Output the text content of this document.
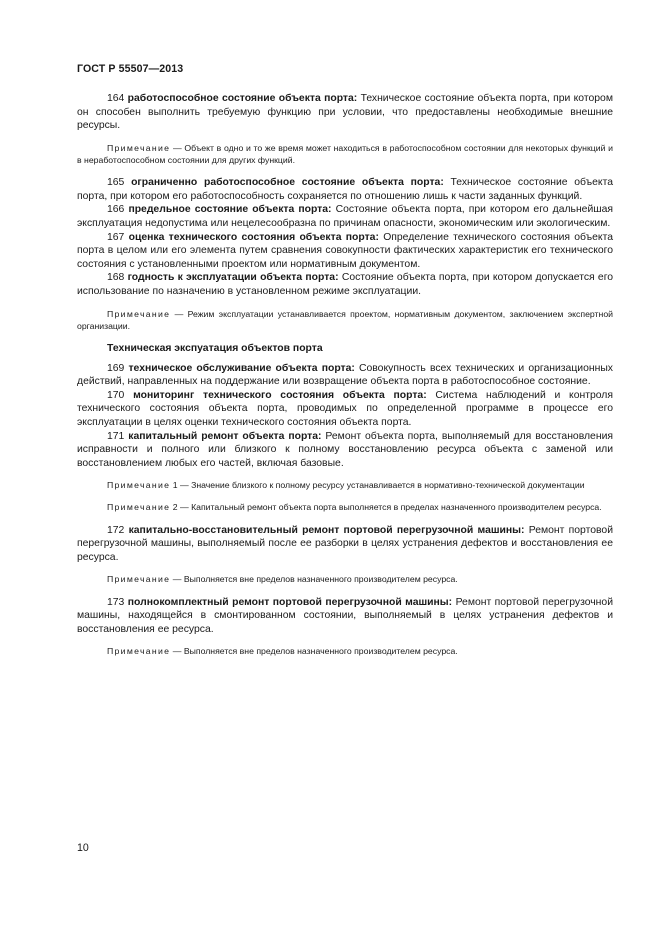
ГОСТ Р 55507—2013

164 работоспособное состояние объекта порта: Техническое состояние объекта порта, при котором он способен выполнить требуемую функцию при условии, что предоставлены необходимые внешние ресурсы.

Примечание — Объект в одно и то же время может находиться в работоспособном состоянии для некоторых функций и в неработоспособном состоянии для других функций.

165 ограниченно работоспособное состояние объекта порта: Техническое состояние объекта порта, при котором его работоспособность сохраняется по отношению лишь к части заданных функций.

166 предельное состояние объекта порта: Состояние объекта порта, при котором его дальнейшая эксплуатация недопустима или нецелесообразна по причинам опасности, экономическим или экологическим.

167 оценка технического состояния объекта порта: Определение технического состояния объекта порта в целом или его элемента путем сравнения совокупности фактических характеристик его технического состояния с установленными проектом или нормативным документом.

168 годность к эксплуатации объекта порта: Состояние объекта порта, при котором допускается его использование по назначению в установленном режиме эксплуатации.

Примечание — Режим эксплуатации устанавливается проектом, нормативным документом, заключением экспертной организации.

Техническая экспуатация объектов порта

169 техническое обслуживание объекта порта: Совокупность всех технических и организационных действий, направленных на поддержание или возвращение объекта порта в работоспособное состояние.

170 мониторинг технического состояния объекта порта: Система наблюдений и контроля технического состояния объекта порта, проводимых по определенной программе в процессе его эксплуатации в целях оценки технического состояния объекта порта.

171 капитальный ремонт объекта порта: Ремонт объекта порта, выполняемый для восстановления исправности и полного или близкого к полному восстановлению ресурса объекта с заменой или восстановлением любых его частей, включая базовые.

Примечание 1 — Значение близкого к полному ресурсу устанавливается в нормативно-технической документации

Примечание 2 — Капитальный ремонт объекта порта выполняется в пределах назначенного производителем ресурса.

172 капитально-восстановительный ремонт портовой перегрузочной машины: Ремонт портовой перегрузочной машины, выполняемый после ее разборки в целях устранения дефектов и восстановления ее ресурса.

Примечание — Выполняется вне пределов назначенного производителем ресурса.

173 полнокомплектный ремонт портовой перегрузочной машины: Ремонт портовой перегрузочной машины, находящейся в смонтированном состоянии, выполняемый в целях устранения дефектов и восстановления ее ресурса.

Примечание — Выполняется вне пределов назначенного производителем ресурса.

10
